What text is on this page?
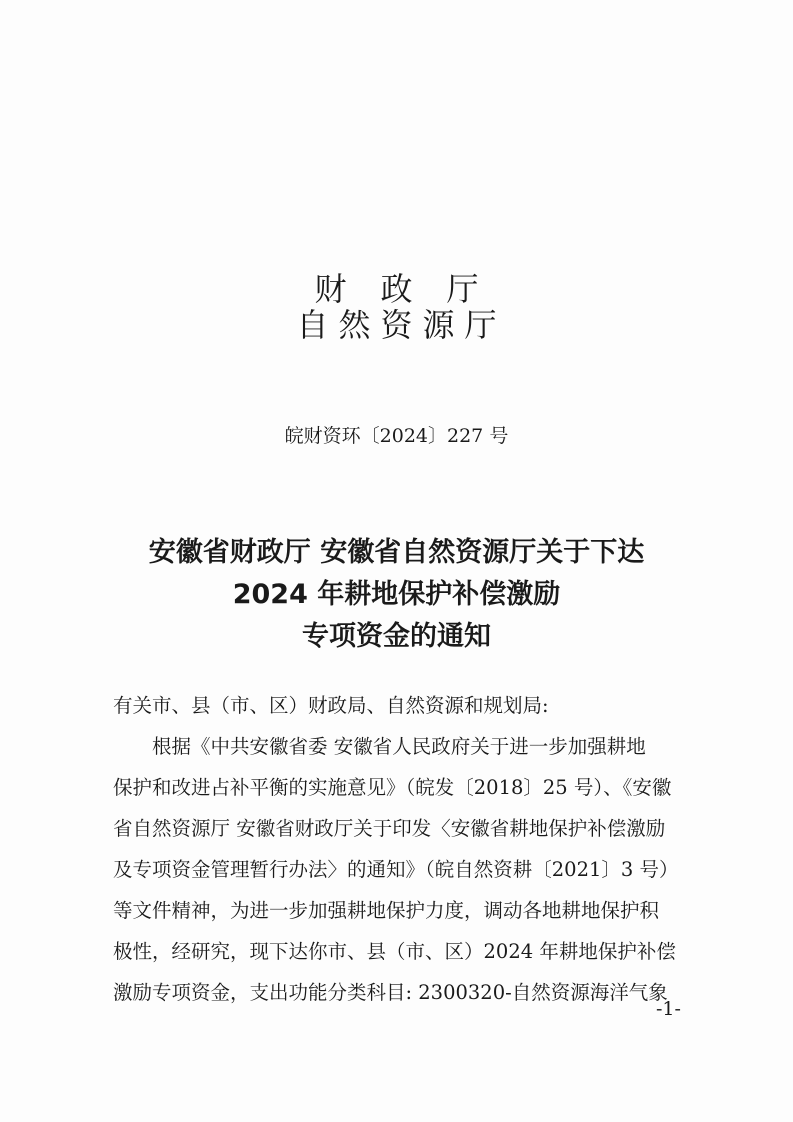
财政厅
自然资源厅
皖财资环〔2024〕227 号
安徽省财政厅 安徽省自然资源厅关于下达
2024 年耕地保护补偿激励
专项资金的通知
有关市、县（市、区）财政局、自然资源和规划局:
　　根据《中共安徽省委 安徽省人民政府关于进一步加强耕地
保护和改进占补平衡的实施意见》（皖发〔2018〕25 号）、《安徽
省自然资源厅 安徽省财政厅关于印发〈安徽省耕地保护补偿激励
及专项资金管理暂行办法〉的通知》（皖自然资耕〔2021〕3 号）
等文件精神，为进一步加强耕地保护力度，调动各地耕地保护积
极性，经研究，现下达你市、县（市、区）2024 年耕地保护补偿
激励专项资金，支出功能分类科目: 2300320-自然资源海洋气象
-1-
